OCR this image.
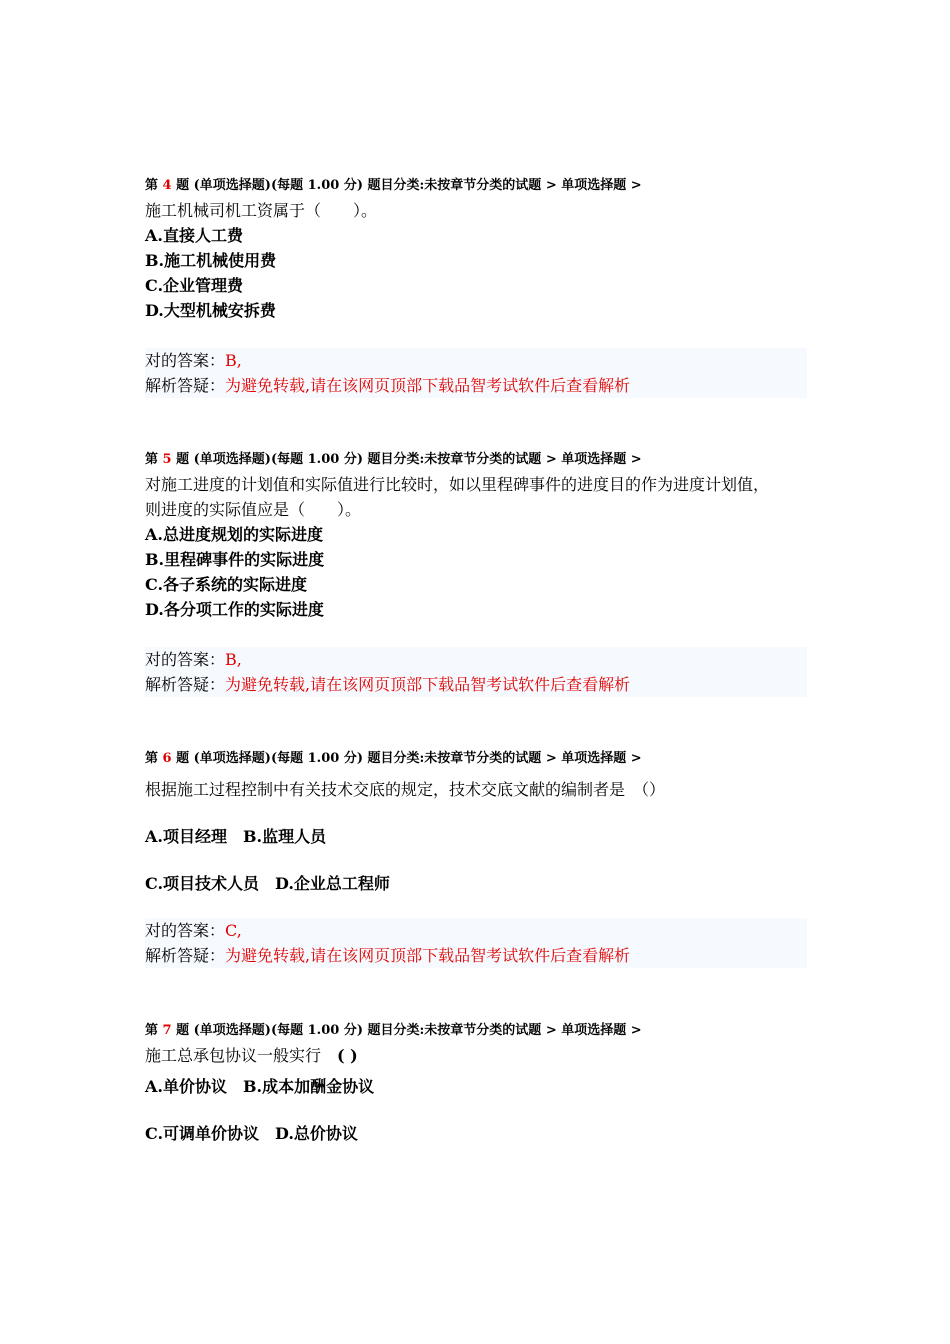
第 4 题 (单项选择题)(每题 1.00 分) 题目分类:未按章节分类的试题 > 单项选择题 >
施工机械司机工资属于（　　）。
A.直接人工费
B.施工机械使用费
C.企业管理费
D.大型机械安拆费
对的答案：B,
解析答疑：为避免转载,请在该网页顶部下载品智考试软件后查看解析
第 5 题 (单项选择题)(每题 1.00 分) 题目分类:未按章节分类的试题 > 单项选择题 >
对施工进度的计划值和实际值进行比较时，如以里程碑事件的进度目的作为进度计划值，
则进度的实际值应是（　　）。
A.总进度规划的实际进度
B.里程碑事件的实际进度
C.各子系统的实际进度
D.各分项工作的实际进度
对的答案：B,
解析答疑：为避免转载,请在该网页顶部下载品智考试软件后查看解析
第 6 题 (单项选择题)(每题 1.00 分) 题目分类:未按章节分类的试题 > 单项选择题 >
根据施工过程控制中有关技术交底的规定，技术交底文献的编制者是　（）
A.项目经理　B.监理人员
C.项目技术人员　D.企业总工程师
对的答案：C,
解析答疑：为避免转载,请在该网页顶部下载品智考试软件后查看解析
第 7 题 (单项选择题)(每题 1.00 分) 题目分类:未按章节分类的试题 > 单项选择题 >
施工总承包协议一般实行　( )
A.单价协议　B.成本加酬金协议
C.可调单价协议　D.总价协议
